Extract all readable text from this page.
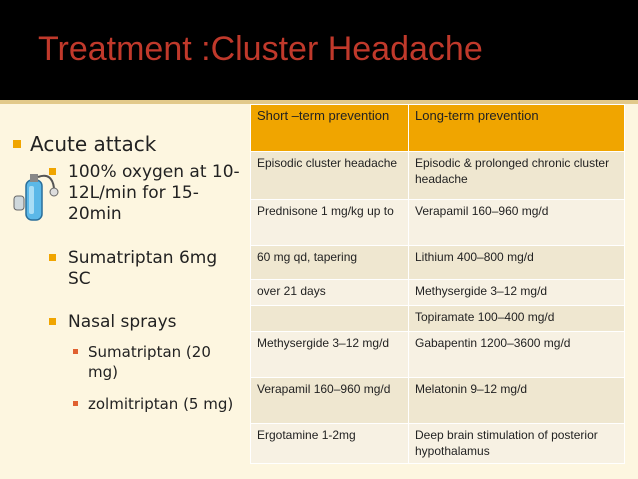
Treatment :Cluster Headache
Acute attack
100% oxygen at 10-12L/min for 15-20min
Sumatriptan 6mg SC
Nasal sprays
Sumatriptan (20 mg)
zolmitriptan (5 mg)
Short –term prevention	Long-term prevention
Episodic cluster headache	Episodic & prolonged chronic cluster headache
Prednisone 1 mg/kg up to	Verapamil 160–960 mg/d
60 mg qd, tapering	Lithium 400–800 mg/d
over 21 days	Methysergide 3–12 mg/d
	Topiramate 100–400 mg/d
Methysergide 3–12 mg/d	Gabapentin 1200–3600 mg/d
Verapamil 160–960 mg/d	Melatonin 9–12 mg/d
Ergotamine 1-2mg	Deep brain stimulation of posterior hypothalamus
